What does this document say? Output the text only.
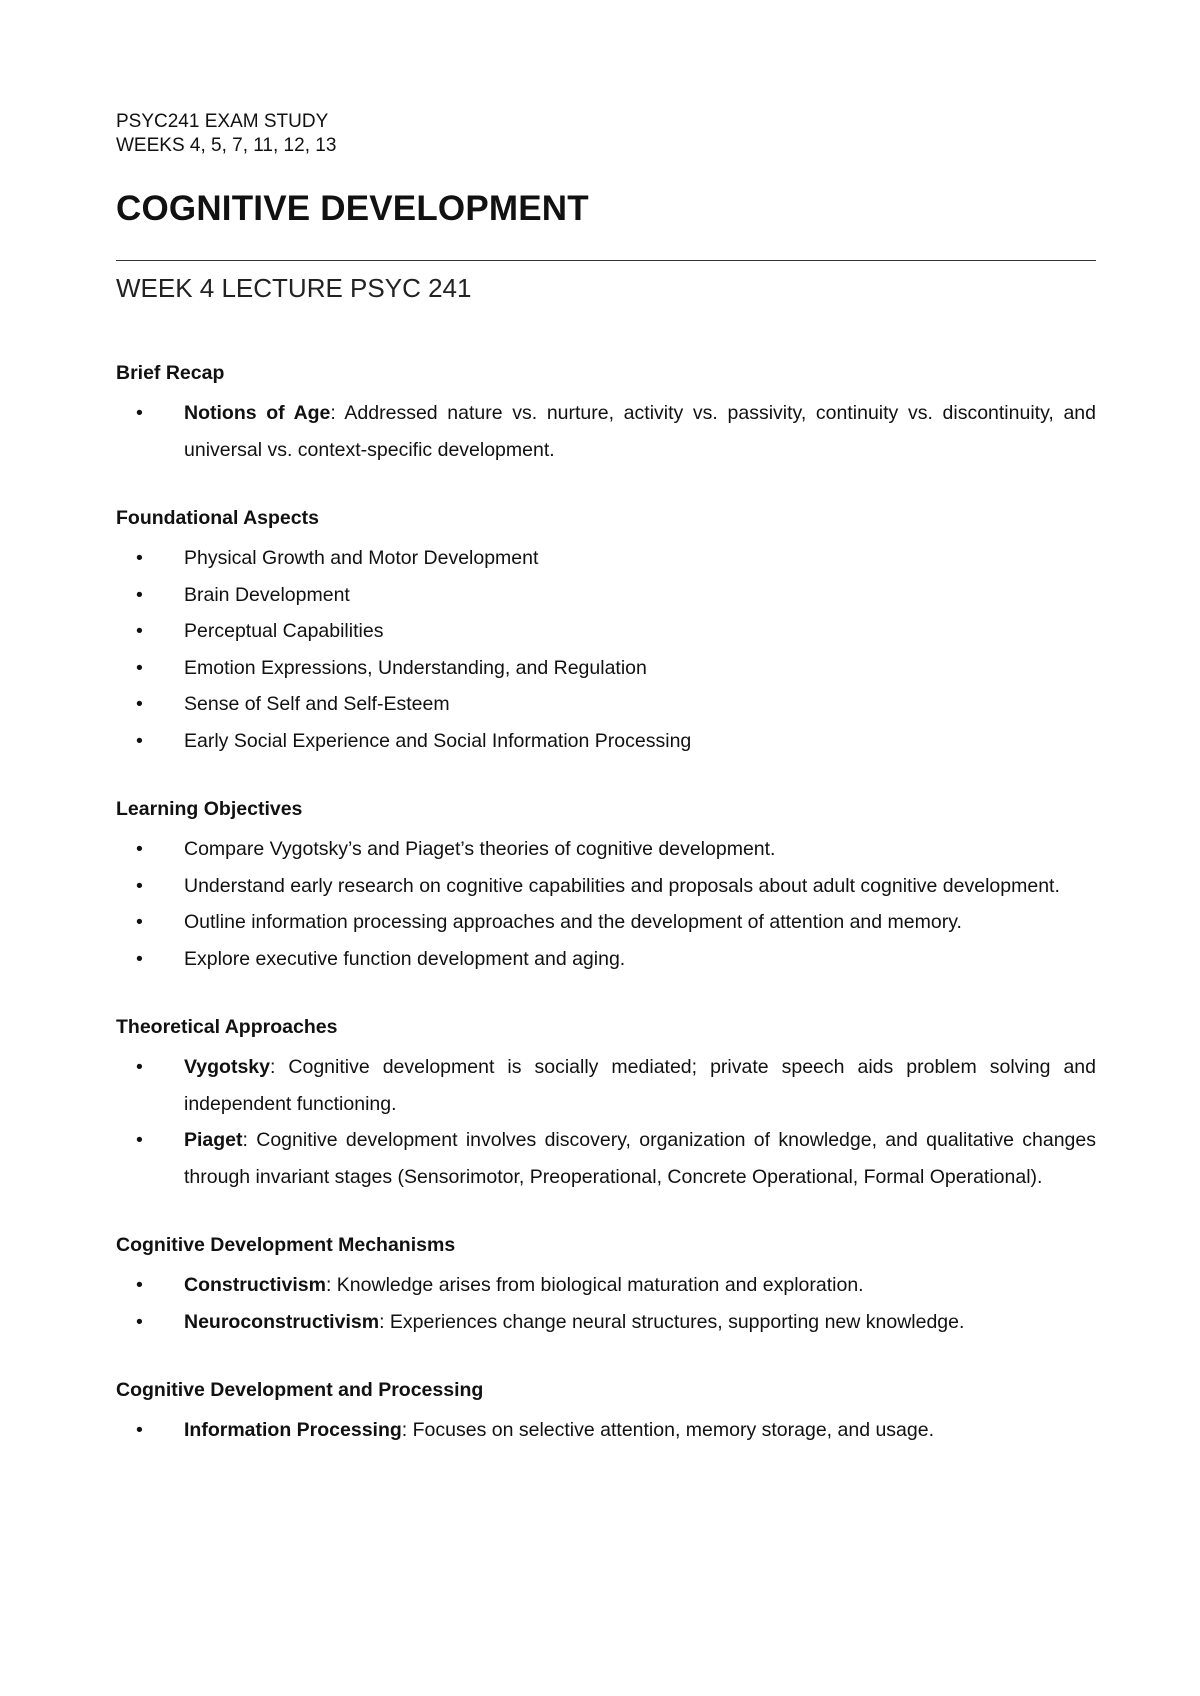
PSYC241 EXAM STUDY

WEEKS 4, 5, 7, 11, 12, 13

COGNITIVE DEVELOPMENT
WEEK 4 LECTURE PSYC 241

Brief Recap

• Notions of Age: Addressed nature vs. nurture, activity vs. passivity, continuity vs. discontinuity, and universal vs. context-specific development.

Foundational Aspects

• Physical Growth and Motor Development
• Brain Development
• Perceptual Capabilities
• Emotion Expressions, Understanding, and Regulation
• Sense of Self and Self-Esteem
• Early Social Experience and Social Information Processing

Learning Objectives

• Compare Vygotsky’s and Piaget’s theories of cognitive development.
• Understand early research on cognitive capabilities and proposals about adult cognitive development.
• Outline information processing approaches and the development of attention and memory.
• Explore executive function development and aging.

Theoretical Approaches

• Vygotsky: Cognitive development is socially mediated; private speech aids problem solving and independent functioning.
• Piaget: Cognitive development involves discovery, organization of knowledge, and qualitative changes through invariant stages (Sensorimotor, Preoperational, Concrete Operational, Formal Operational).

Cognitive Development Mechanisms

• Constructivism: Knowledge arises from biological maturation and exploration.
• Neuroconstructivism: Experiences change neural structures, supporting new knowledge.

Cognitive Development and Processing

• Information Processing: Focuses on selective attention, memory storage, and usage.
